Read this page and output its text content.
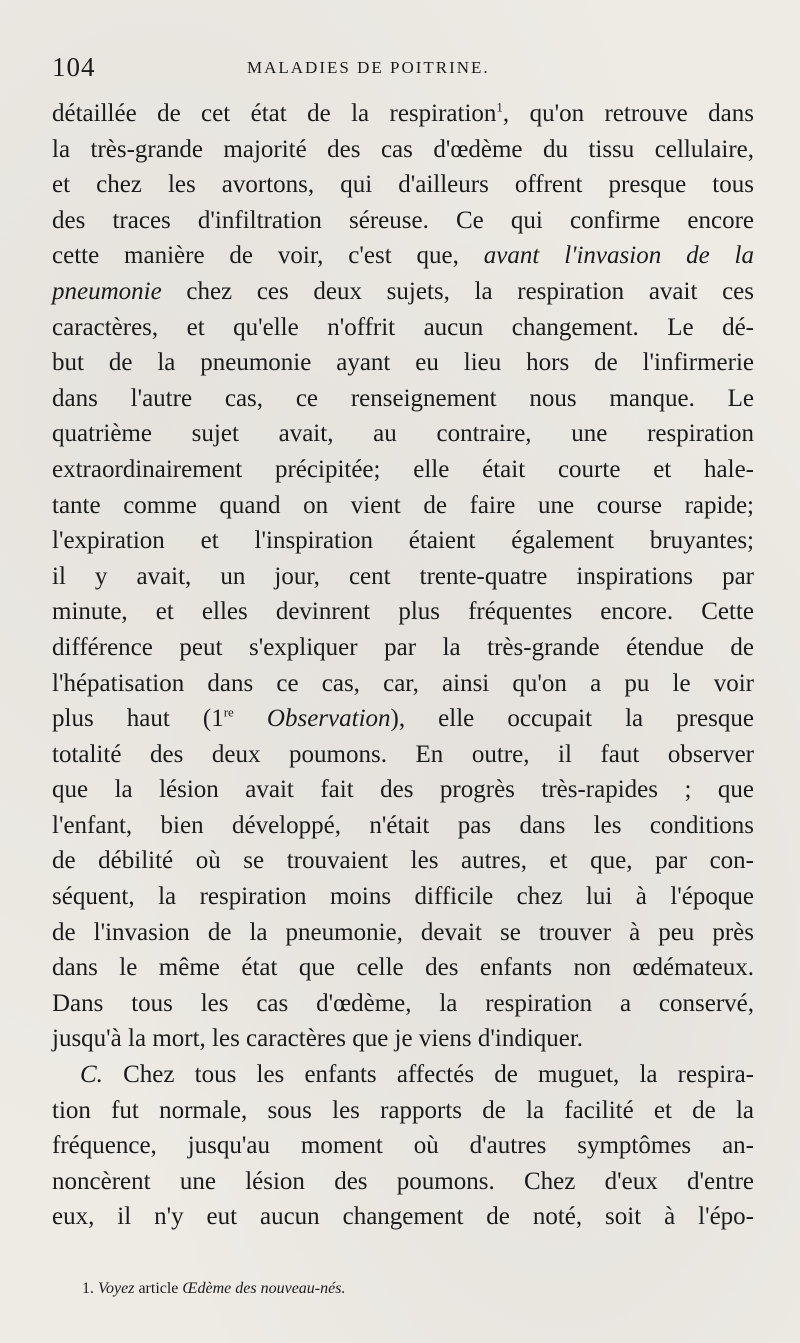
104	MALADIES DE POITRINE.
détaillée de cet état de la respiration$^1$, qu'on retrouve dans
la très-grande majorité des cas d'œdème du tissu cellulaire,
et chez les avortons, qui d'ailleurs offrent presque tous
des traces d'infiltration séreuse. Ce qui confirme encore
cette manière de voir, c'est que, avant l'invasion de la
pneumonie chez ces deux sujets, la respiration avait ces
caractères, et qu'elle n'offrit aucun changement. Le dé-
but de la pneumonie ayant eu lieu hors de l'infirmerie
dans l'autre cas, ce renseignement nous manque. Le
quatrième sujet avait, au contraire, une respiration
extraordinairement précipitée; elle était courte et hale-
tante comme quand on vient de faire une course rapide;
l'expiration et l'inspiration étaient également bruyantes;
il y avait, un jour, cent trente-quatre inspirations par
minute, et elles devinrent plus fréquentes encore. Cette
différence peut s'expliquer par la très-grande étendue de
l'hépatisation dans ce cas, car, ainsi qu'on a pu le voir
plus haut (1re Observation), elle occupait la presque
totalité des deux poumons. En outre, il faut observer
que la lésion avait fait des progrès très-rapides ; que
l'enfant, bien développé, n'était pas dans les conditions
de débilité où se trouvaient les autres, et que, par con-
séquent, la respiration moins difficile chez lui à l'époque
de l'invasion de la pneumonie, devait se trouver à peu près
dans le même état que celle des enfants non œdémateux.
Dans tous les cas d'œdème, la respiration a conservé,
jusqu'à la mort, les caractères que je viens d'indiquer.
C. Chez tous les enfants affectés de muguet, la respira-
tion fut normale, sous les rapports de la facilité et de la
fréquence, jusqu'au moment où d'autres symptômes an-
noncèrent une lésion des poumons. Chez d'eux d'entre
eux, il n'y eut aucun changement de noté, soit à l'épo-
1. Voyez article Œdème des nouveau-nés.
